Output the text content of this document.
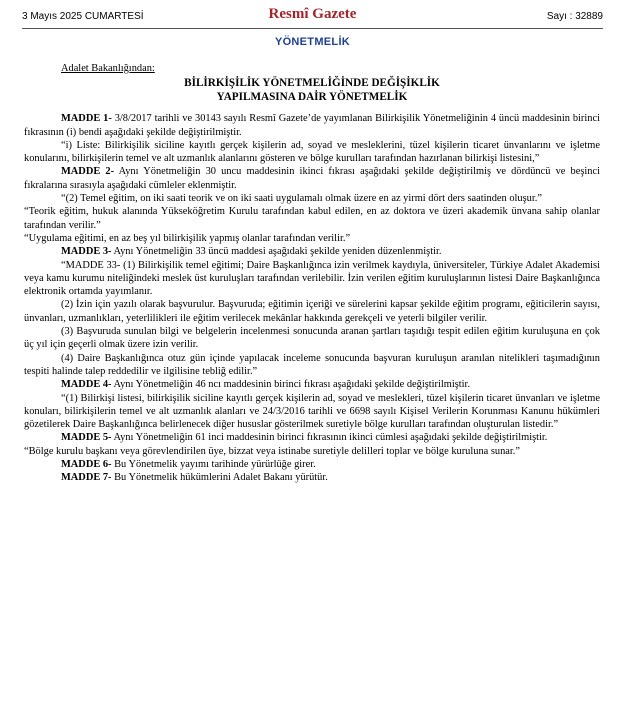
3 Mayıs 2025 CUMARTESİ	Resmî Gazete	Sayı : 32889
YÖNETMELİK
Adalet Bakanlığından:
BİLİRKİŞİLİK YÖNETMELİĞİNDE DEĞİŞİKLİK
YAPILMASINA DAİR YÖNETMELİK
MADDE 1- 3/8/2017 tarihli ve 30143 sayılı Resmî Gazete’de yayımlanan Bilirkişilik Yönetmeliğinin 4 üncü maddesinin birinci fıkrasının (i) bendi aşağıdaki şekilde değiştirilmiştir.
“i) Liste: Bilirkişilik siciline kayıtlı gerçek kişilerin ad, soyad ve mesleklerini, tüzel kişilerin ticaret ünvanlarını ve işletme konularını, bilirkişilerin temel ve alt uzmanlık alanlarını gösteren ve bölge kurulları tarafından hazırlanan bilirkişi listesini,”
MADDE 2- Aynı Yönetmeliğin 30 uncu maddesinin ikinci fıkrası aşağıdaki şekilde değiştirilmiş ve dördüncü ve beşinci fıkralarına sırasıyla aşağıdaki cümleler eklenmiştir.
“(2) Temel eğitim, on iki saati teorik ve on iki saati uygulamalı olmak üzere en az yirmi dört ders saatinden oluşur.”
“Teorik eğitim, hukuk alanında Yükseköğretim Kurulu tarafından kabul edilen, en az doktora ve üzeri akademik ünvana sahip olanlar tarafından verilir.”
“Uygulama eğitimi, en az beş yıl bilirkişilik yapmış olanlar tarafından verilir.”
MADDE 3- Aynı Yönetmeliğin 33 üncü maddesi aşağıdaki şekilde yeniden düzenlenmiştir.
“MADDE 33- (1) Bilirkişilik temel eğitimi; Daire Başkanlığınca izin verilmek kaydıyla, üniversiteler, Türkiye Adalet Akademisi veya kamu kurumu niteliğindeki meslek üst kuruluşları tarafından verilebilir. İzin verilen eğitim kuruluşlarının listesi Daire Başkanlığınca elektronik ortamda yayımlanır.
(2) İzin için yazılı olarak başvurulur. Başvuruda; eğitimin içeriği ve sürelerini kapsar şekilde eğitim programı, eğiticilerin sayısı, ünvanları, uzmanlıkları, yeterlilikleri ile eğitim verilecek mekânlar hakkında gerekçeli ve yeterli bilgiler verilir.
(3) Başvuruda sunulan bilgi ve belgelerin incelenmesi sonucunda aranan şartları taşıdığı tespit edilen eğitim kuruluşuna en çok üç yıl için geçerli olmak üzere izin verilir.
(4) Daire Başkanlığınca otuz gün içinde yapılacak inceleme sonucunda başvuran kuruluşun aranılan nitelikleri taşımadığının tespiti halinde talep reddedilir ve ilgilisine tebliğ edilir.”
MADDE 4- Aynı Yönetmeliğin 46 ncı maddesinin birinci fıkrası aşağıdaki şekilde değiştirilmiştir.
“(1) Bilirkişi listesi, bilirkişilik siciline kayıtlı gerçek kişilerin ad, soyad ve meslekleri, tüzel kişilerin ticaret ünvanları ve işletme konuları, bilirkişilerin temel ve alt uzmanlık alanları ve 24/3/2016 tarihli ve 6698 sayılı Kişisel Verilerin Korunması Kanunu hükümleri gözetilerek Daire Başkanlığınca belirlenecek diğer hususlar gösterilmek suretiyle bölge kurulları tarafından oluşturulan listedir.”
MADDE 5- Aynı Yönetmeliğin 61 inci maddesinin birinci fıkrasının ikinci cümlesi aşağıdaki şekilde değiştirilmiştir.
“Bölge kurulu başkanı veya görevlendirilen üye, bizzat veya istinabe suretiyle delilleri toplar ve bölge kuruluna sunar.”
MADDE 6- Bu Yönetmelik yayımı tarihinde yürürlüğe girer.
MADDE 7- Bu Yönetmelik hükümlerini Adalet Bakanı yürütür.
